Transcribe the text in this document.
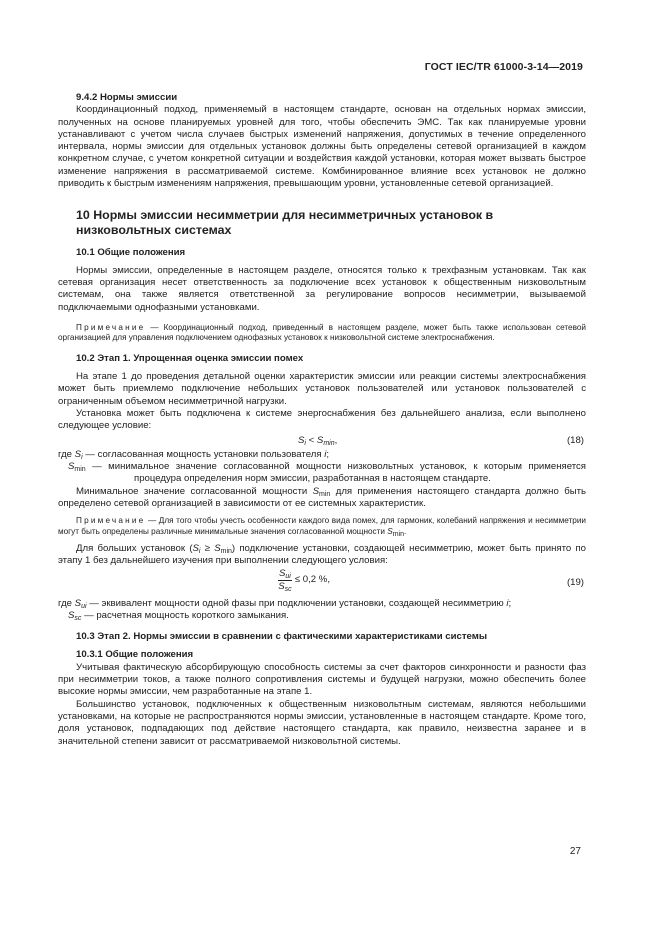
ГОСТ IEC/TR 61000-3-14—2019

9.4.2 Нормы эмиссии

Координационный подход, применяемый в настоящем стандарте, основан на отдельных нормах эмиссии, полученных на основе планируемых уровней для того, чтобы обеспечить ЭМС. Так как планируемые уровни устанавливают с учетом числа случаев быстрых изменений напряжения, допустимых в течение определенного интервала, нормы эмиссии для отдельных установок должны быть определены сетевой организацией в каждом конкретном случае, с учетом конкретной ситуации и воздействия каждой установки, которая может вызвать быстрое изменение напряжения в рассматриваемой системе. Комбинированное влияние всех установок не должно приводить к быстрым изменениям напряжения, превышающим уровни, установленные сетевой организацией.

10 Нормы эмиссии несимметрии для несимметричных установок в низковольтных системах

10.1 Общие положения

Нормы эмиссии, определенные в настоящем разделе, относятся только к трехфазным установкам. Так как сетевая организация несет ответственность за подключение всех установок к общественным низковольтным системам, она также является ответственной за регулирование вопросов несимметрии, вызываемой подключаемыми однофазными установками.

Примечание — Координационный подход, приведенный в настоящем разделе, может быть также использован сетевой организацией для управления подключением однофазных установок к низковольтной системе электроснабжения.

10.2 Этап 1. Упрощенная оценка эмиссии помех

На этапе 1 до проведения детальной оценки характеристик эмиссии или реакции системы электроснабжения может быть приемлемо подключение небольших установок пользователей или установок пользователей с ограниченным объемом несимметричной нагрузки.

Установка может быть подключена к системе энергоснабжения без дальнейшего анализа, если выполнено следующее условие:

$S_i < S_{min}$,	(18)

где $S_i$ — согласованная мощность установки пользователя i;

$S_{min}$ — минимальное значение согласованной мощности низковольтных установок, к которым применяется процедура определения норм эмиссии, разработанная в настоящем стандарте.

Минимальное значение согласованной мощности $S_{min}$ для применения настоящего стандарта должно быть определено сетевой организацией в зависимости от ее системных характеристик.

Примечание — Для того чтобы учесть особенности каждого вида помех, для гармоник, колебаний напряжения и несимметрии могут быть определены различные минимальные значения согласованной мощности $S_{min}$.

Для больших установок $(S_i \ge S_{min})$ подключение установки, создающей несимметрию, может быть принято по этапу 1 без дальнейшего изучения при выполнении следующего условия:

$S_{ui}$
$S_{sc}$
≤ 0,2 %,	(19)

где $S_{ui}$ — эквивалент мощности одной фазы при подключении установки, создающей несимметрию i;

$S_{sc}$ — расчетная мощность короткого замыкания.

10.3 Этап 2. Нормы эмиссии в сравнении с фактическими характеристиками системы

10.3.1 Общие положения

Учитывая фактическую абсорбирующую способность системы за счет факторов синхронности и разности фаз при несимметрии токов, а также полного сопротивления системы и будущей нагрузки, можно обеспечить более высокие нормы эмиссии, чем разработанные на этапе 1.

Большинство установок, подключенных к общественным низковольтным системам, являются небольшими установками, на которые не распространяются нормы эмиссии, установленные в настоящем стандарте. Кроме того, доля установок, подпадающих под действие настоящего стандарта, как правило, неизвестна заранее и в значительной степени зависит от рассматриваемой низковольтной системы.

27
